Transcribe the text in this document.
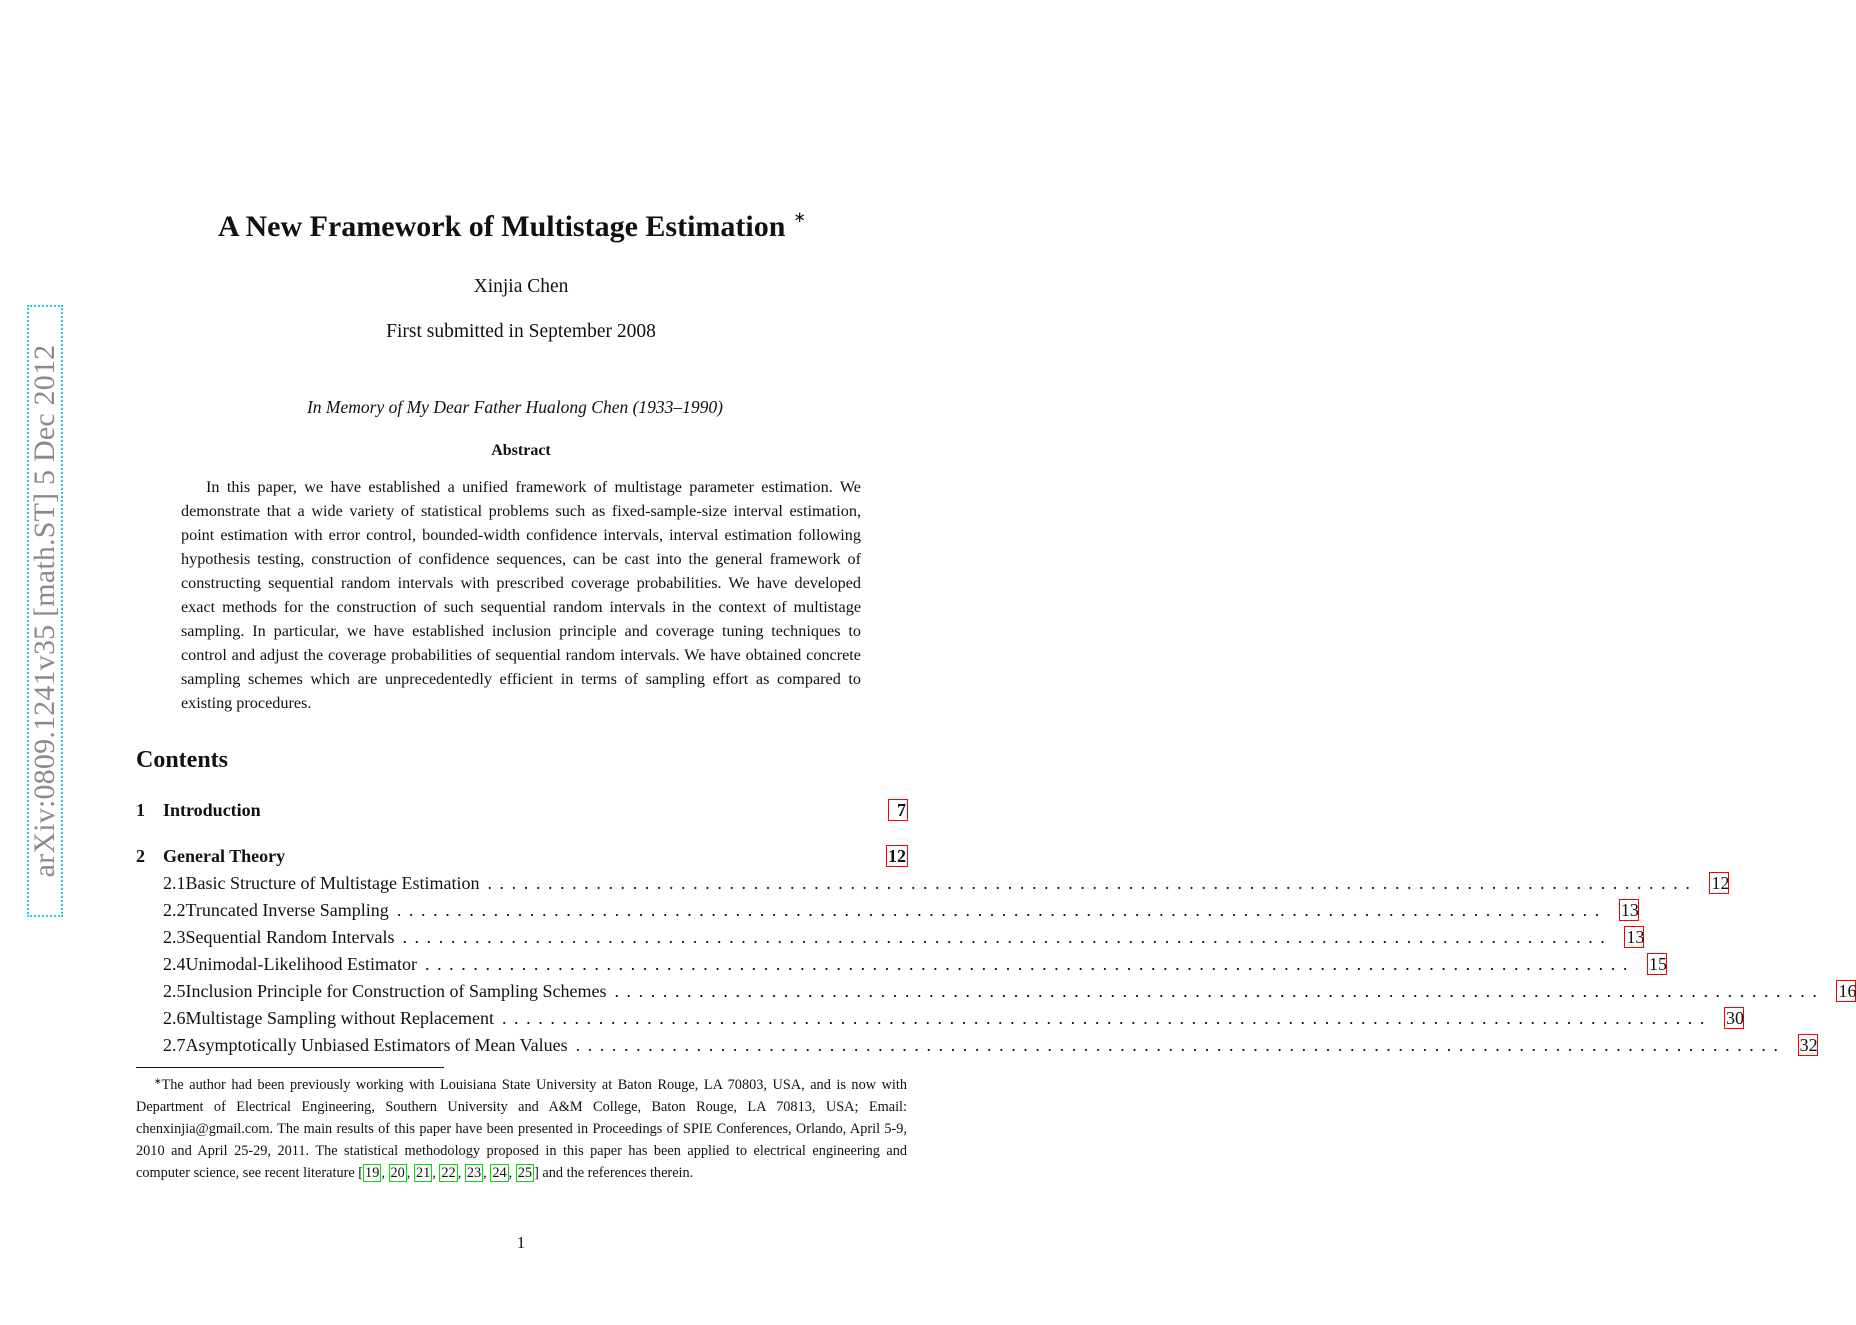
arXiv:0809.1241v35 [math.ST] 5 Dec 2012
A New Framework of Multistage Estimation ∗
Xinjia Chen
First submitted in September 2008
In Memory of My Dear Father Hualong Chen (1933–1990)
Abstract
In this paper, we have established a unified framework of multistage parameter estimation. We demonstrate that a wide variety of statistical problems such as fixed-sample-size interval estimation, point estimation with error control, bounded-width confidence intervals, interval estimation following hypothesis testing, construction of confidence sequences, can be cast into the general framework of constructing sequential random intervals with prescribed coverage probabilities. We have developed exact methods for the construction of such sequential random intervals in the context of multistage sampling. In particular, we have established inclusion principle and coverage tuning techniques to control and adjust the coverage probabilities of sequential random intervals. We have obtained concrete sampling schemes which are unprecedentedly efficient in terms of sampling effort as compared to existing procedures.
Contents
1	Introduction	7
2	General Theory	12
2.1 Basic Structure of Multistage Estimation .................................................................................................... 12
2.2 Truncated Inverse Sampling .................................................................................................... 13
2.3 Sequential Random Intervals .................................................................................................... 13
2.4 Unimodal-Likelihood Estimator .................................................................................................... 15
2.5 Inclusion Principle for Construction of Sampling Schemes .................................................................................................... 16
2.6 Multistage Sampling without Replacement .................................................................................................... 30
2.7 Asymptotically Unbiased Estimators of Mean Values .................................................................................................... 32
∗The author had been previously working with Louisiana State University at Baton Rouge, LA 70803, USA, and is now with Department of Electrical Engineering, Southern University and A&M College, Baton Rouge, LA 70813, USA; Email: chenxinjia@gmail.com. The main results of this paper have been presented in Proceedings of SPIE Conferences, Orlando, April 5-9, 2010 and April 25-29, 2011. The statistical methodology proposed in this paper has been applied to electrical engineering and computer science, see recent literature [ 19 , 20 , 21 , 22 , 23 , 24 , 25 ] and the references therein.
1
